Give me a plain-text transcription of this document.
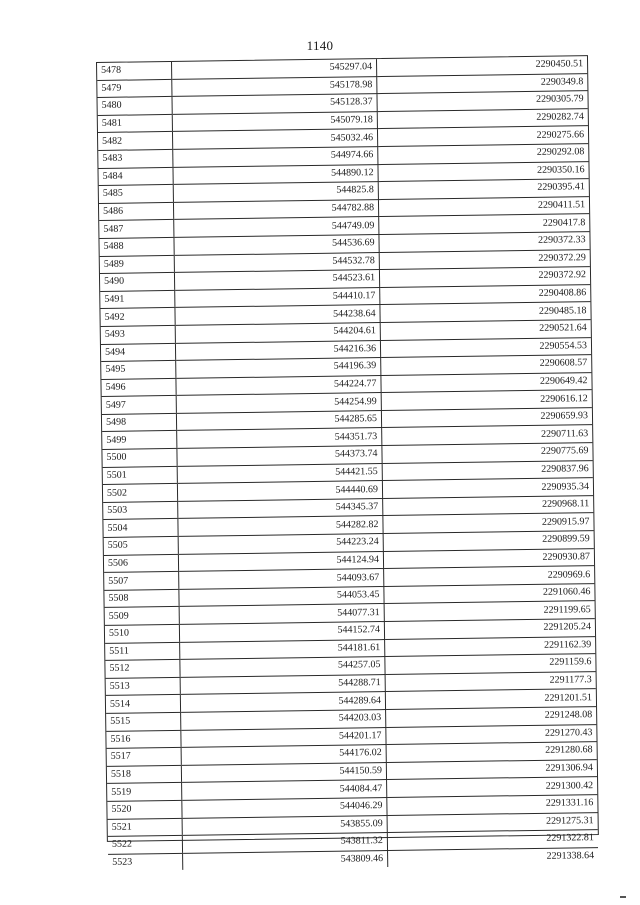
1140
5478	545297.04	2290450.51
5479	545178.98	2290349.8
5480	545128.37	2290305.79
5481	545079.18	2290282.74
5482	545032.46	2290275.66
5483	544974.66	2290292.08
5484	544890.12	2290350.16
5485	544825.8	2290395.41
5486	544782.88	2290411.51
5487	544749.09	2290417.8
5488	544536.69	2290372.33
5489	544532.78	2290372.29
5490	544523.61	2290372.92
5491	544410.17	2290408.86
5492	544238.64	2290485.18
5493	544204.61	2290521.64
5494	544216.36	2290554.53
5495	544196.39	2290608.57
5496	544224.77	2290649.42
5497	544254.99	2290616.12
5498	544285.65	2290659.93
5499	544351.73	2290711.63
5500	544373.74	2290775.69
5501	544421.55	2290837.96
5502	544440.69	2290935.34
5503	544345.37	2290968.11
5504	544282.82	2290915.97
5505	544223.24	2290899.59
5506	544124.94	2290930.87
5507	544093.67	2290969.6
5508	544053.45	2291060.46
5509	544077.31	2291199.65
5510	544152.74	2291205.24
5511	544181.61	2291162.39
5512	544257.05	2291159.6
5513	544288.71	2291177.3
5514	544289.64	2291201.51
5515	544203.03	2291248.08
5516	544201.17	2291270.43
5517	544176.02	2291280.68
5518	544150.59	2291306.94
5519	544084.47	2291300.42
5520	544046.29	2291331.16
5521	543855.09	2291275.31
5522	543811.32	2291322.81
5523	543809.46	2291338.64
